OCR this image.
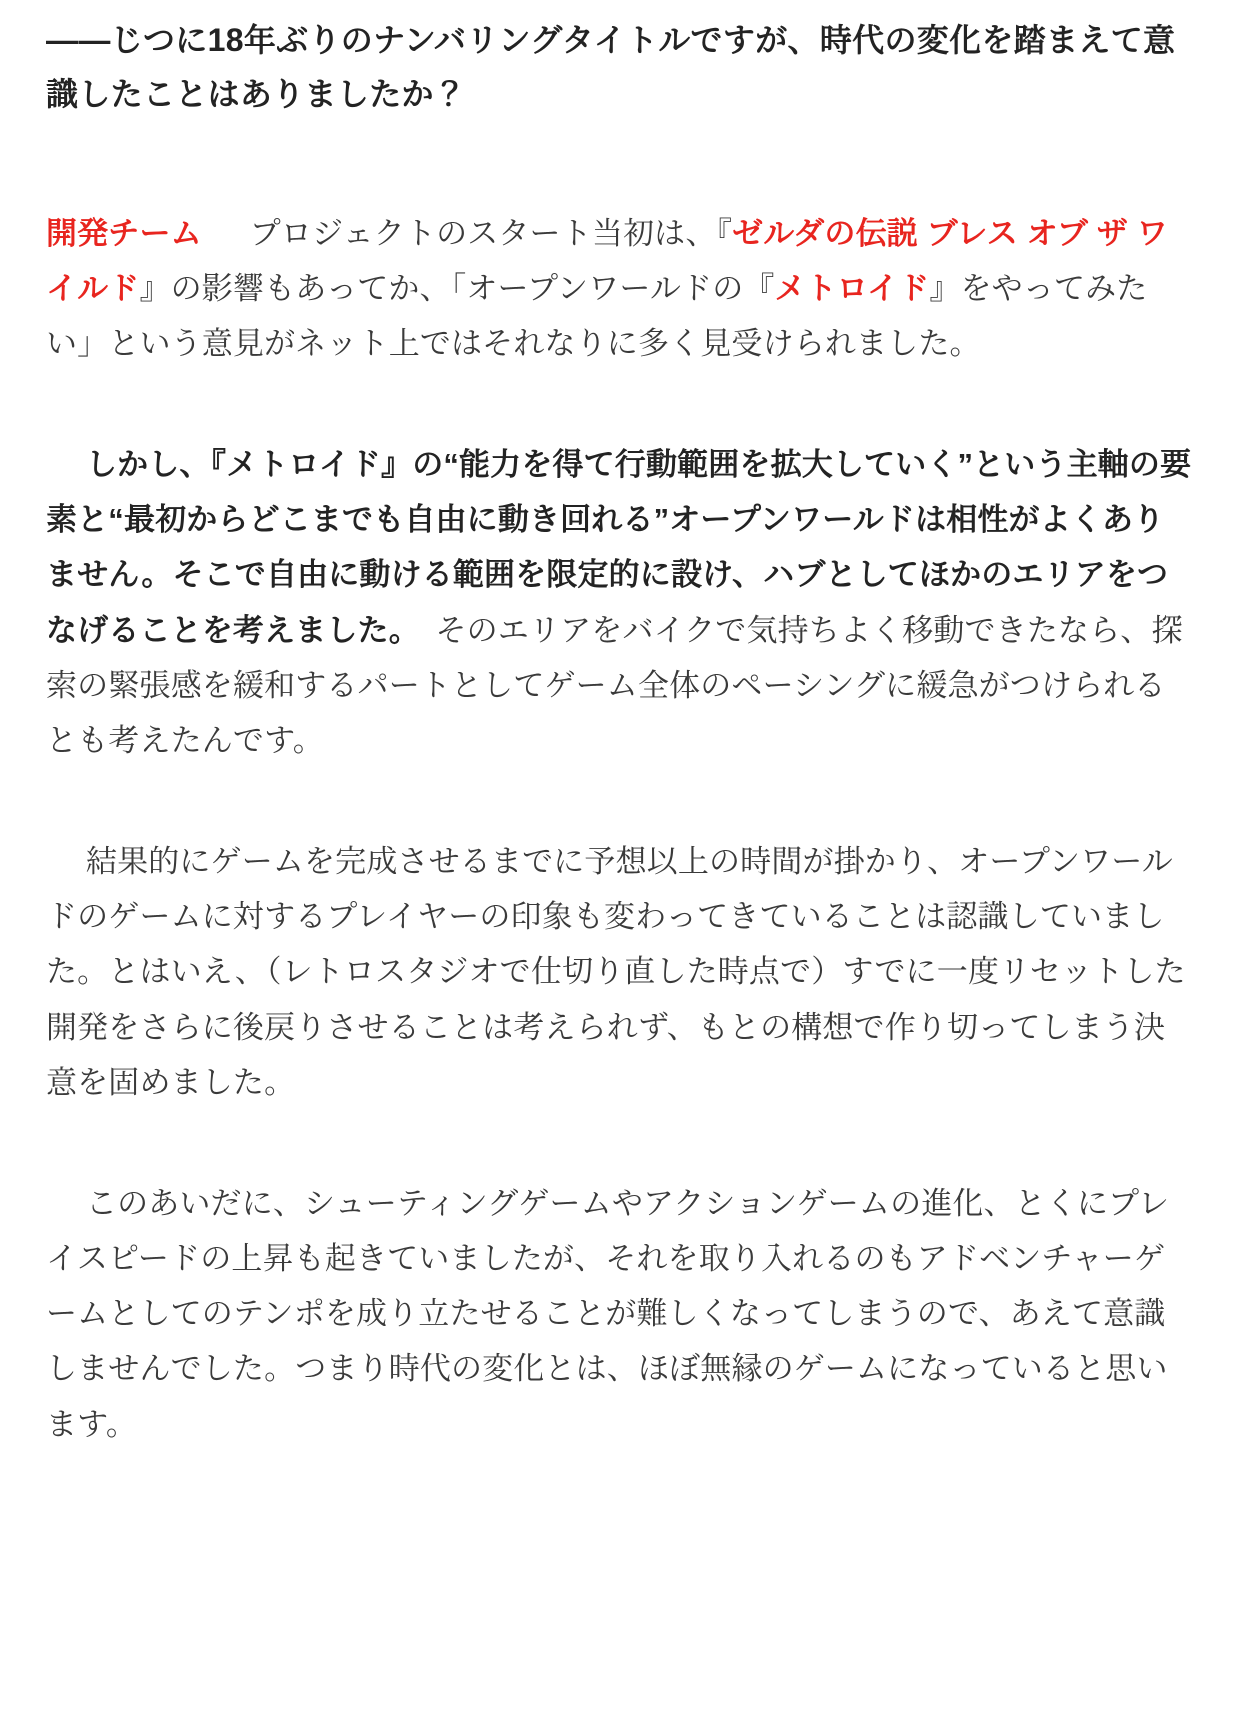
――じつに18年ぶりのナンバリングタイトルですが、時代の変化を踏まえて意識したことはありましたか？

開発チーム プロジェクトのスタート当初は、『ゼルダの伝説 ブレス オブ ザ ワイルド』の影響もあってか、「オープンワールドの『メトロイド』をやってみたい」という意見がネット上ではそれなりに多く見受けられました。

しかし、『メトロイド』の“能力を得て行動範囲を拡大していく”という主軸の要素と“最初からどこまでも自由に動き回れる”オープンワールドは相性がよくありません。そこで自由に動ける範囲を限定的に設け、ハブとしてほかのエリアをつなげることを考えました。　そのエリアをバイクで気持ちよく移動できたなら、探索の緊張感を緩和するパートとしてゲーム全体のペーシングに緩急がつけられるとも考えたんです。

結果的にゲームを完成させるまでに予想以上の時間が掛かり、オープンワールドのゲームに対するプレイヤーの印象も変わってきていることは認識していました。とはいえ、（レトロスタジオで仕切り直した時点で）すでに一度リセットした開発をさらに後戻りさせることは考えられず、もとの構想で作り切ってしまう決意を固めました。

このあいだに、シューティングゲームやアクションゲームの進化、とくにプレイスピードの上昇も起きていましたが、それを取り入れるのもアドベンチャーゲームとしてのテンポを成り立たせることが難しくなってしまうので、あえて意識しませんでした。つまり時代の変化とは、ほぼ無縁のゲームになっていると思います。
